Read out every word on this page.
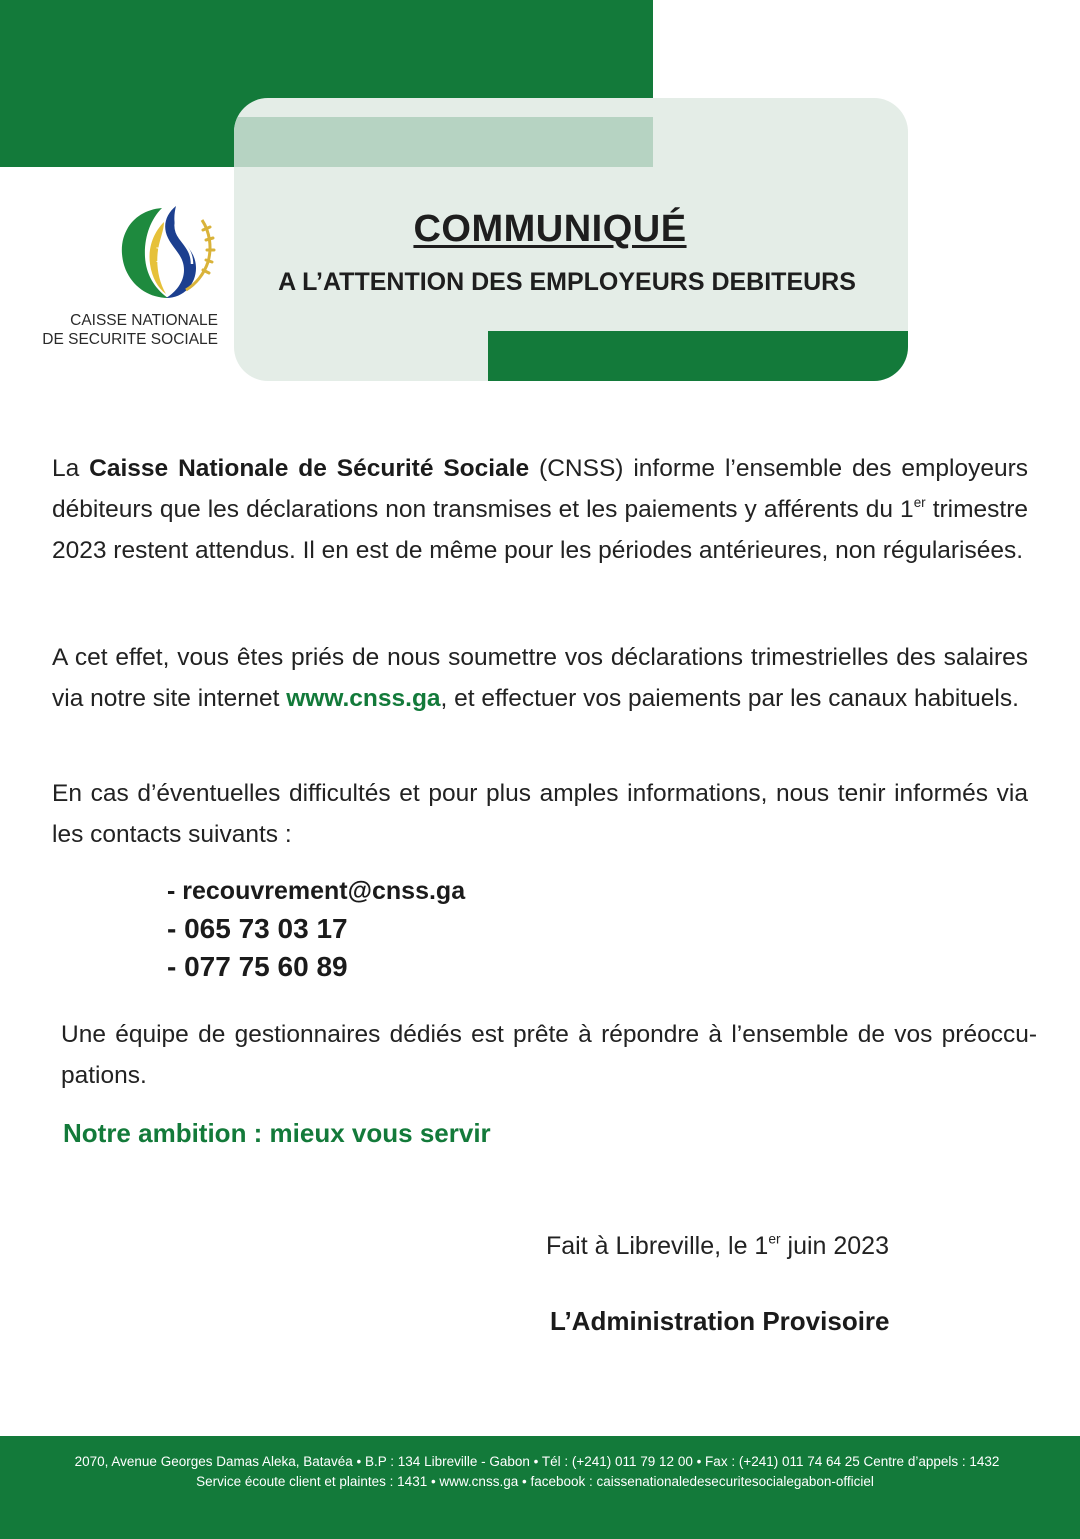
COMMUNIQUÉ
A L’ATTENTION DES EMPLOYEURS DEBITEURS
N
CAISSE NATIONALE
DE SECURITE SOCIALE
La Caisse Nationale de Sécurité Sociale (CNSS) informe l’ensemble des employeurs débiteurs que les déclarations non transmises et les paiements y afférents du 1er trimestre 2023 restent attendus. Il en est de même pour les périodes antérieures, non régularisées.
A cet effet, vous êtes priés de nous soumettre vos déclarations trimestrielles des salaires via notre site internet www.cnss.ga, et effectuer vos paiements par les canaux habituels.
En cas d’éventuelles difficultés et pour plus amples informations, nous tenir informés via les contacts suivants :
- recouvrement@cnss.ga
- 065 73 03 17
- 077 75 60 89
Une équipe de gestionnaires dédiés est prête à répondre à l’ensemble de vos préoccu-pations.
Notre ambition : mieux vous servir
Fait à Libreville, le 1er juin 2023
L’Administration Provisoire
2070, Avenue Georges Damas Aleka, Batavéa • B.P : 134 Libreville - Gabon • Tél : (+241) 011 79 12 00 • Fax : (+241) 011 74 64 25 Centre d’appels : 1432
Service écoute client et plaintes : 1431 • www.cnss.ga • facebook : caissenationaledesecuritesocialegabon-officiel
